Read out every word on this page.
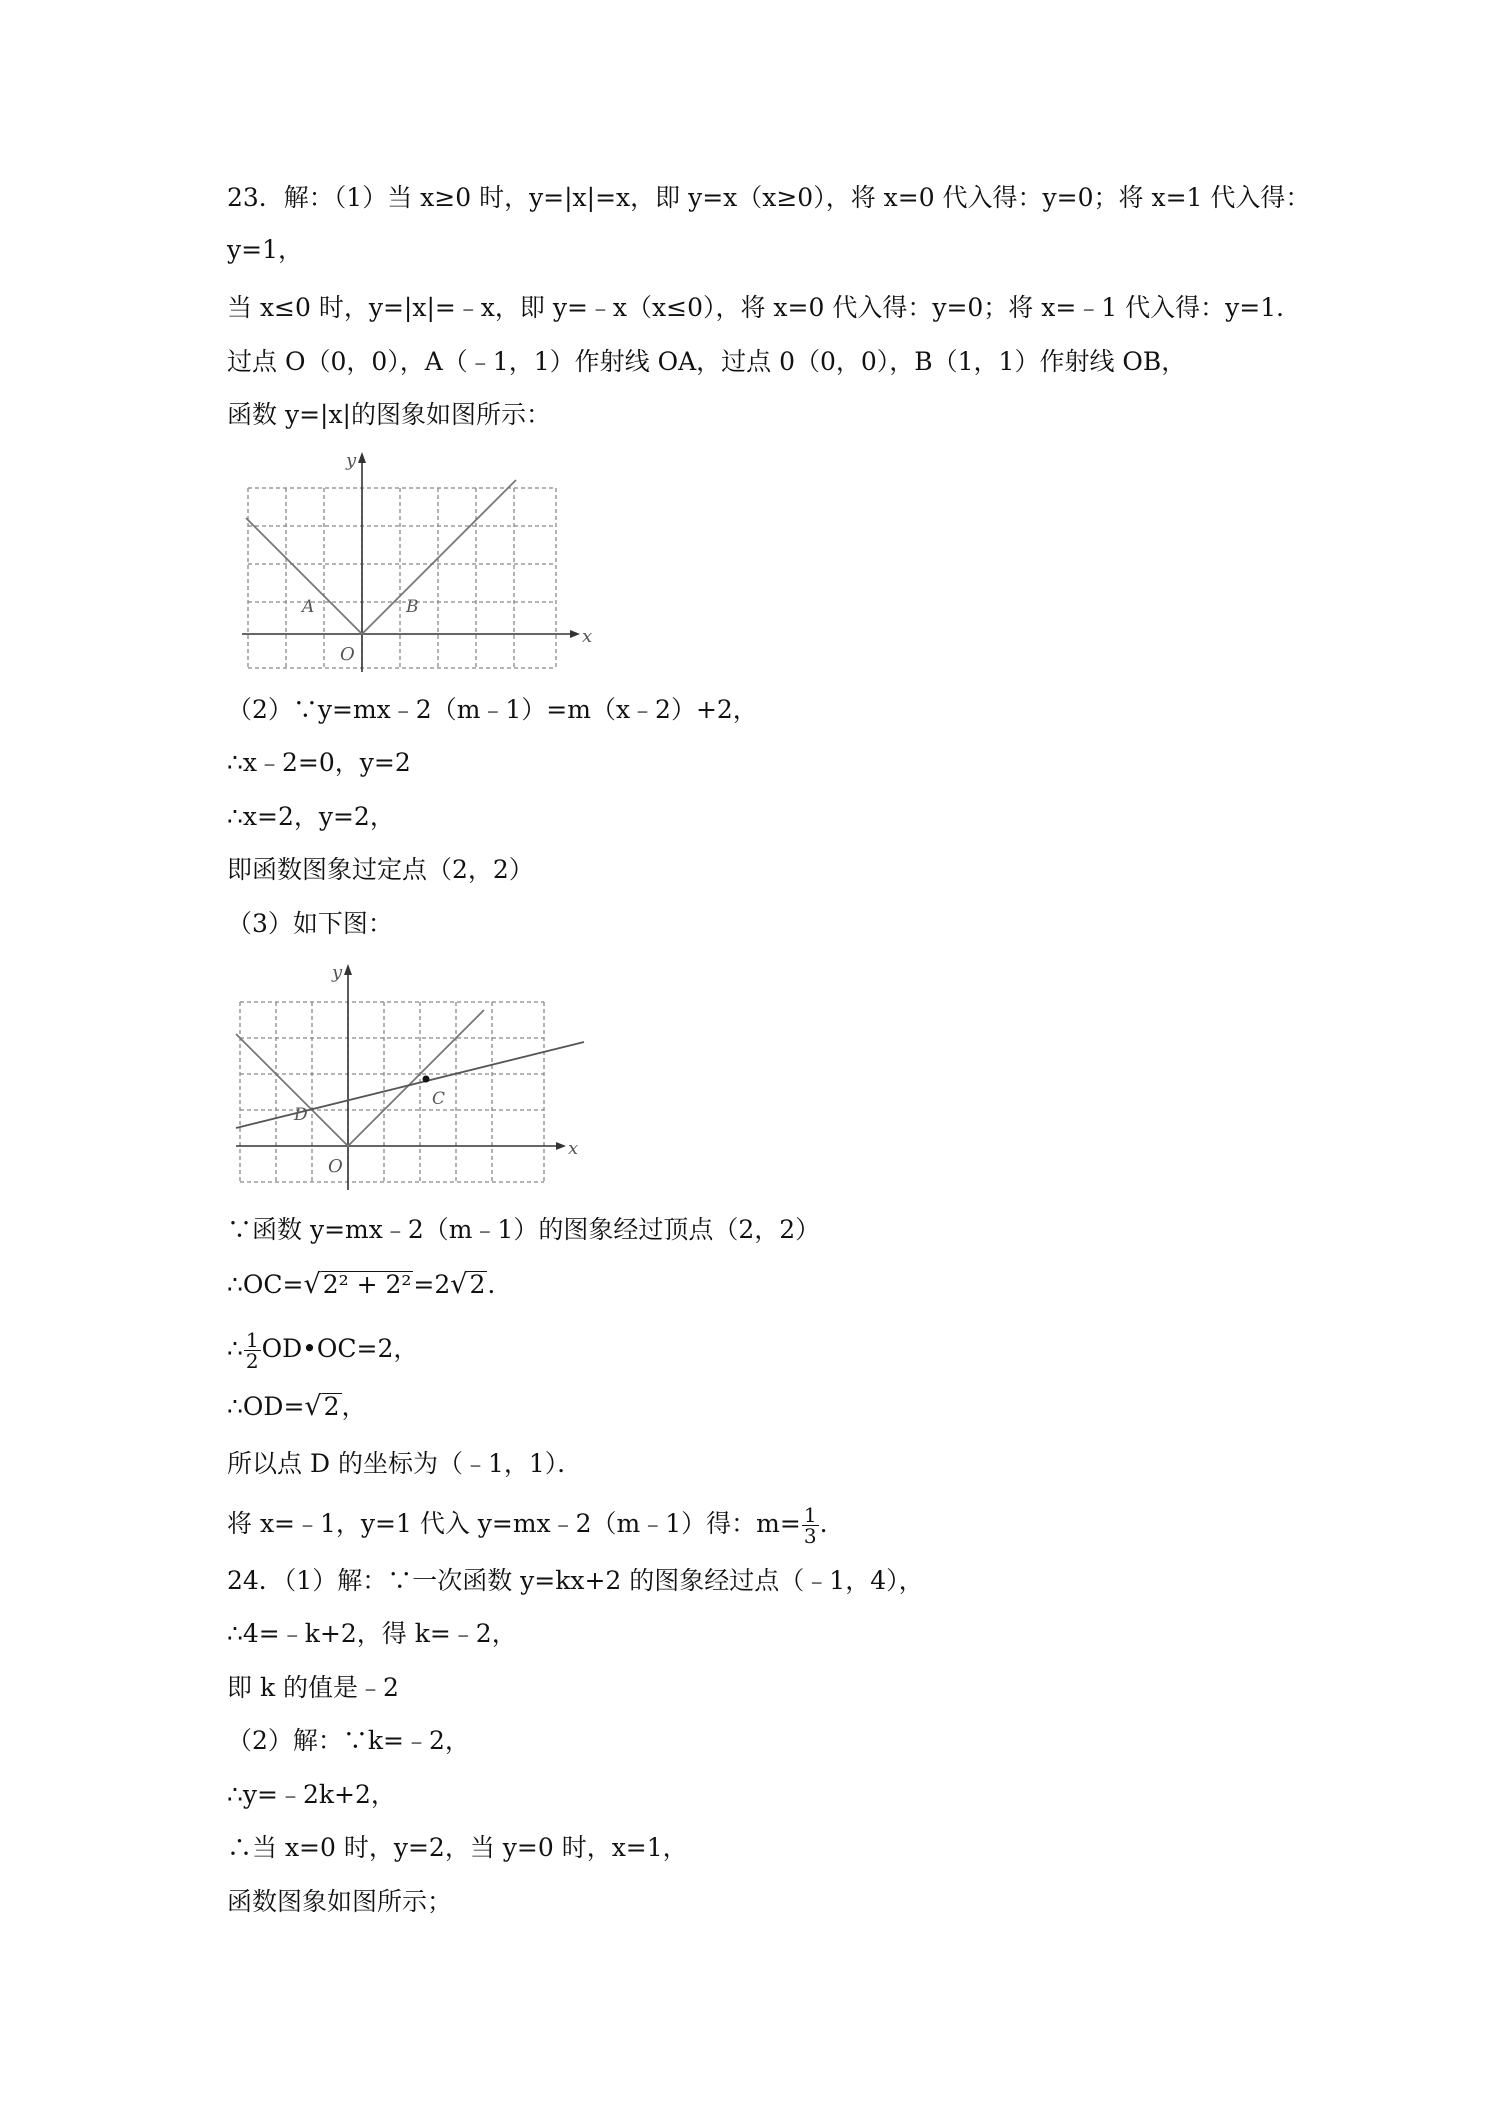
23．解：（1）当 x≥0 时，y=|x|=x，即 y=x（x≥0），将 x=0 代入得：y=0；将 x=1 代入得：
y=1，
当 x≤0 时，y=|x|=﹣x，即 y=﹣x（x≤0），将 x=0 代入得：y=0；将 x=﹣1 代入得：y=1．
过点 O（0，0），A（﹣1，1）作射线 OA，过点 0（0，0），B（1，1）作射线 OB，
函数 y=|x|的图象如图所示：
y
x
O
A	B
（2）∵y=mx﹣2（m﹣1）=m（x﹣2）+2，
∴x﹣2=0，y=2
∴x=2，y=2，
即函数图象过定点（2，2）
（3）如下图：
y
x
O
C
D
∵函数 y=mx﹣2（m﹣1）的图象经过顶点（2，2）
∴OC=√2² + 2²=2√2.
∴ $\frac{1}{2}$ OD•OC=2，
∴OD=√2，
所以点 D 的坐标为（﹣1，1）．
将 x=﹣1，y=1 代入 y=mx﹣2（m﹣1）得：$m= \frac{1}{3}$ .
24．（1）解：∵一次函数 y=kx+2 的图象经过点（﹣1，4），
∴4=﹣k+2，得 k=﹣2，
即 k 的值是﹣2
（2）解：∵k=﹣2，
∴y=﹣2k+2，
∴当 x=0 时，y=2，当 y=0 时，x=1，
函数图象如图所示；
